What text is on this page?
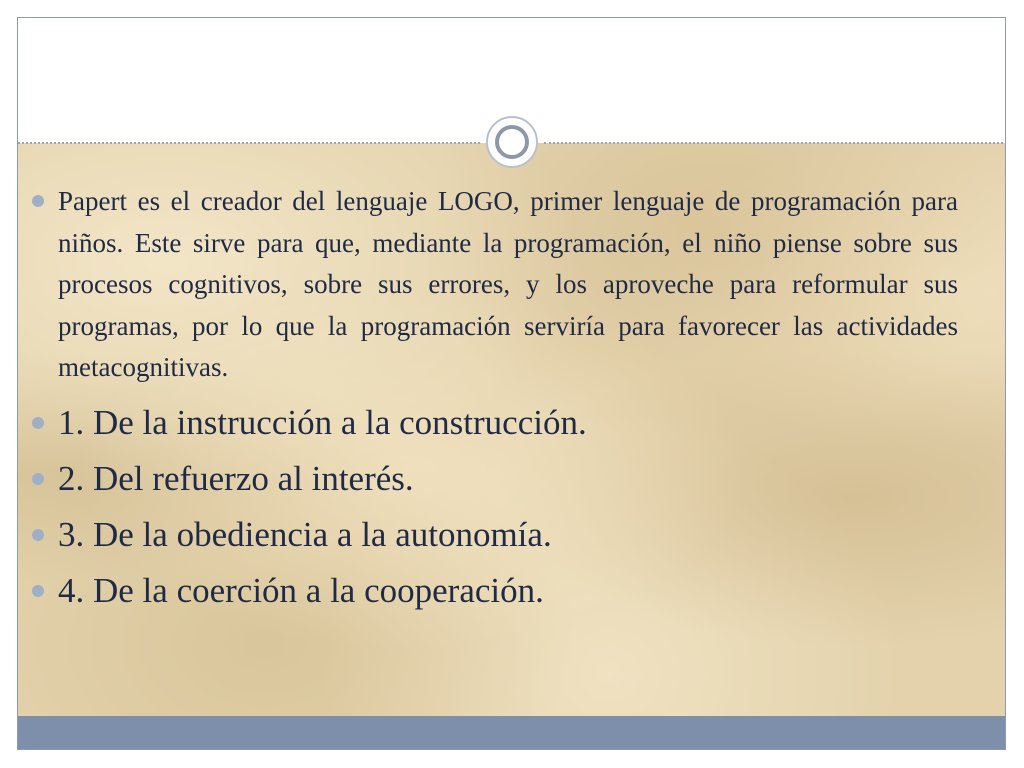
Papert es el creador del lenguaje LOGO, primer lenguaje de programación para niños. Este sirve para que, mediante la programación, el niño piense sobre sus procesos cognitivos, sobre sus errores, y los aproveche para reformular sus programas, por lo que la programación serviría para favorecer las actividades metacognitivas.
1. De la instrucción a la construcción.
2. Del refuerzo al interés.
3. De la obediencia a la autonomía.
4. De la coerción a la cooperación.
